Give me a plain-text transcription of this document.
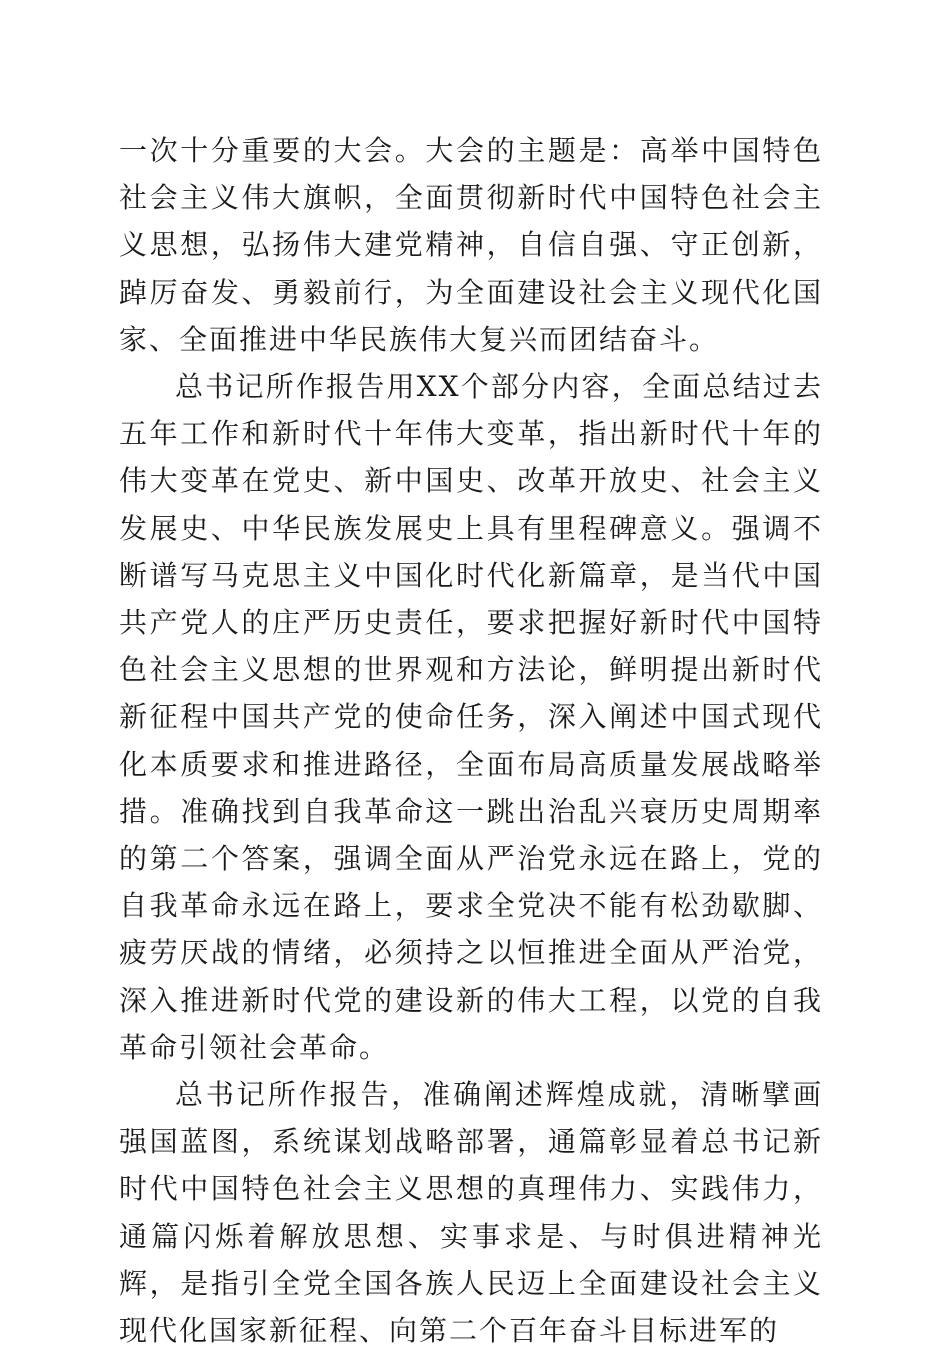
一次十分重要的大会。大会的主题是：高举中国特色社会主义伟大旗帜，全面贯彻新时代中国特色社会主义思想，弘扬伟大建党精神，自信自强、守正创新，踔厉奋发、勇毅前行，为全面建设社会主义现代化国家、全面推进中华民族伟大复兴而团结奋斗。

总书记所作报告用XX个部分内容，全面总结过去五年工作和新时代十年伟大变革，指出新时代十年的伟大变革在党史、新中国史、改革开放史、社会主义发展史、中华民族发展史上具有里程碑意义。强调不断谱写马克思主义中国化时代化新篇章，是当代中国共产党人的庄严历史责任，要求把握好新时代中国特色社会主义思想的世界观和方法论，鲜明提出新时代新征程中国共产党的使命任务，深入阐述中国式现代化本质要求和推进路径，全面布局高质量发展战略举措。准确找到自我革命这一跳出治乱兴衰历史周期率的第二个答案，强调全面从严治党永远在路上，党的自我革命永远在路上，要求全党决不能有松劲歇脚、疲劳厌战的情绪，必须持之以恒推进全面从严治党，深入推进新时代党的建设新的伟大工程，以党的自我革命引领社会革命。

总书记所作报告，准确阐述辉煌成就，清晰擘画强国蓝图，系统谋划战略部署，通篇彰显着总书记新时代中国特色社会主义思想的真理伟力、实践伟力，通篇闪烁着解放思想、实事求是、与时俱进精神光辉，是指引全党全国各族人民迈上全面建设社会主义现代化国家新征程、向第二个百年奋斗目标进军的
